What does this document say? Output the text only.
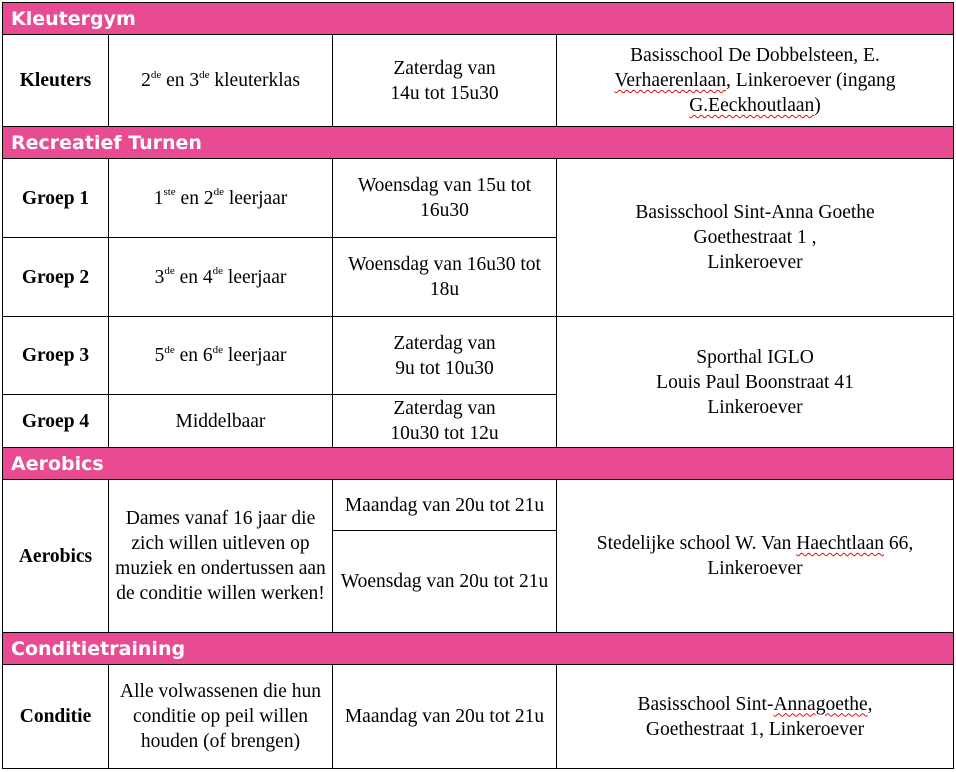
Kleutergym			
Kleuters	2de en 3de kleuterklas	Zaterdag van
14u tot 15u30	Basisschool De Dobbelsteen, E.
Verhaerenlaan, Linkeroever (ingang
G.Eeckhoutlaan)
Recreatief Turnen			
Groep 1	1ste en 2de leerjaar	Woensdag van 15u tot 16u30	Basisschool Sint-Anna Goethe
Goethestraat 1 ,
Linkeroever
Groep 2	3de en 4de leerjaar	Woensdag van 16u30 tot 18u	
Groep 3	5de en 6de leerjaar	Zaterdag van
9u tot 10u30	Sporthal IGLO
Louis Paul Boonstraat 41
Linkeroever
Groep 4	Middelbaar	Zaterdag van
10u30 tot 12u	
Aerobics			
Aerobics	Dames vanaf 16 jaar die zich willen uitleven op muziek en ondertussen aan de conditie willen werken!	Maandag van 20u tot 21u	Stedelijke school W. Van Haechtlaan 66, Linkeroever
		Woensdag van 20u tot 21u	
Conditietraining			
Conditie	Alle volwassenen die hun conditie op peil willen houden (of brengen)	Maandag van 20u tot 21u	Basisschool Sint-Annagoethe,
Goethestraat 1, Linkeroever
